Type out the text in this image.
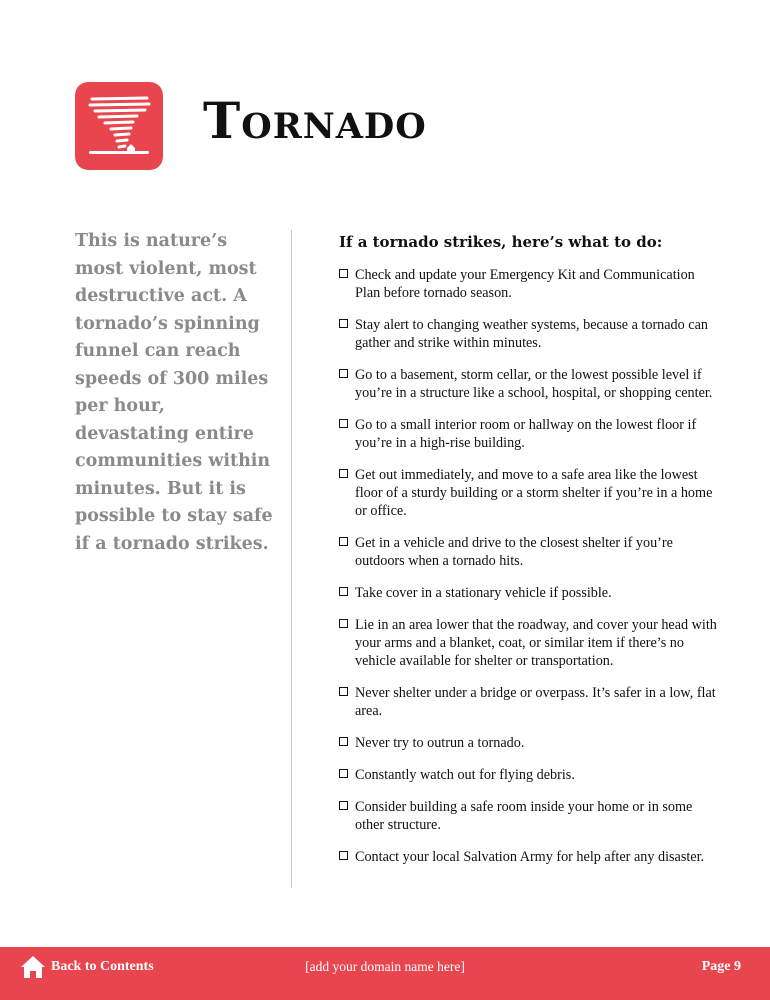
Tornado
This is nature’s most violent, most destructive act. A tornado’s spinning funnel can reach speeds of 300 miles per hour, devastating entire communities within minutes. But it is possible to stay safe if a tornado strikes.
If a tornado strikes, here’s what to do:
Check and update your Emergency Kit and Communication Plan before tornado season.
Stay alert to changing weather systems, because a tornado can gather and strike within minutes.
Go to a basement, storm cellar, or the lowest possible level if you’re in a structure like a school, hospital, or shopping center.
Go to a small interior room or hallway on the lowest floor if you’re in a high-rise building.
Get out immediately, and move to a safe area like the lowest floor of a sturdy building or a storm shelter if you’re in a home or office.
Get in a vehicle and drive to the closest shelter if you’re outdoors when a tornado hits.
Take cover in a stationary vehicle if possible.
Lie in an area lower that the roadway, and cover your head with your arms and a blanket, coat, or similar item if there’s no vehicle available for shelter or transportation.
Never shelter under a bridge or overpass. It’s safer in a low, flat area.
Never try to outrun a tornado.
Constantly watch out for flying debris.
Consider building a safe room inside your home or in some other structure.
Contact your local Salvation Army for help after any disaster.
Back to Contents	[add your domain name here]	Page 9
